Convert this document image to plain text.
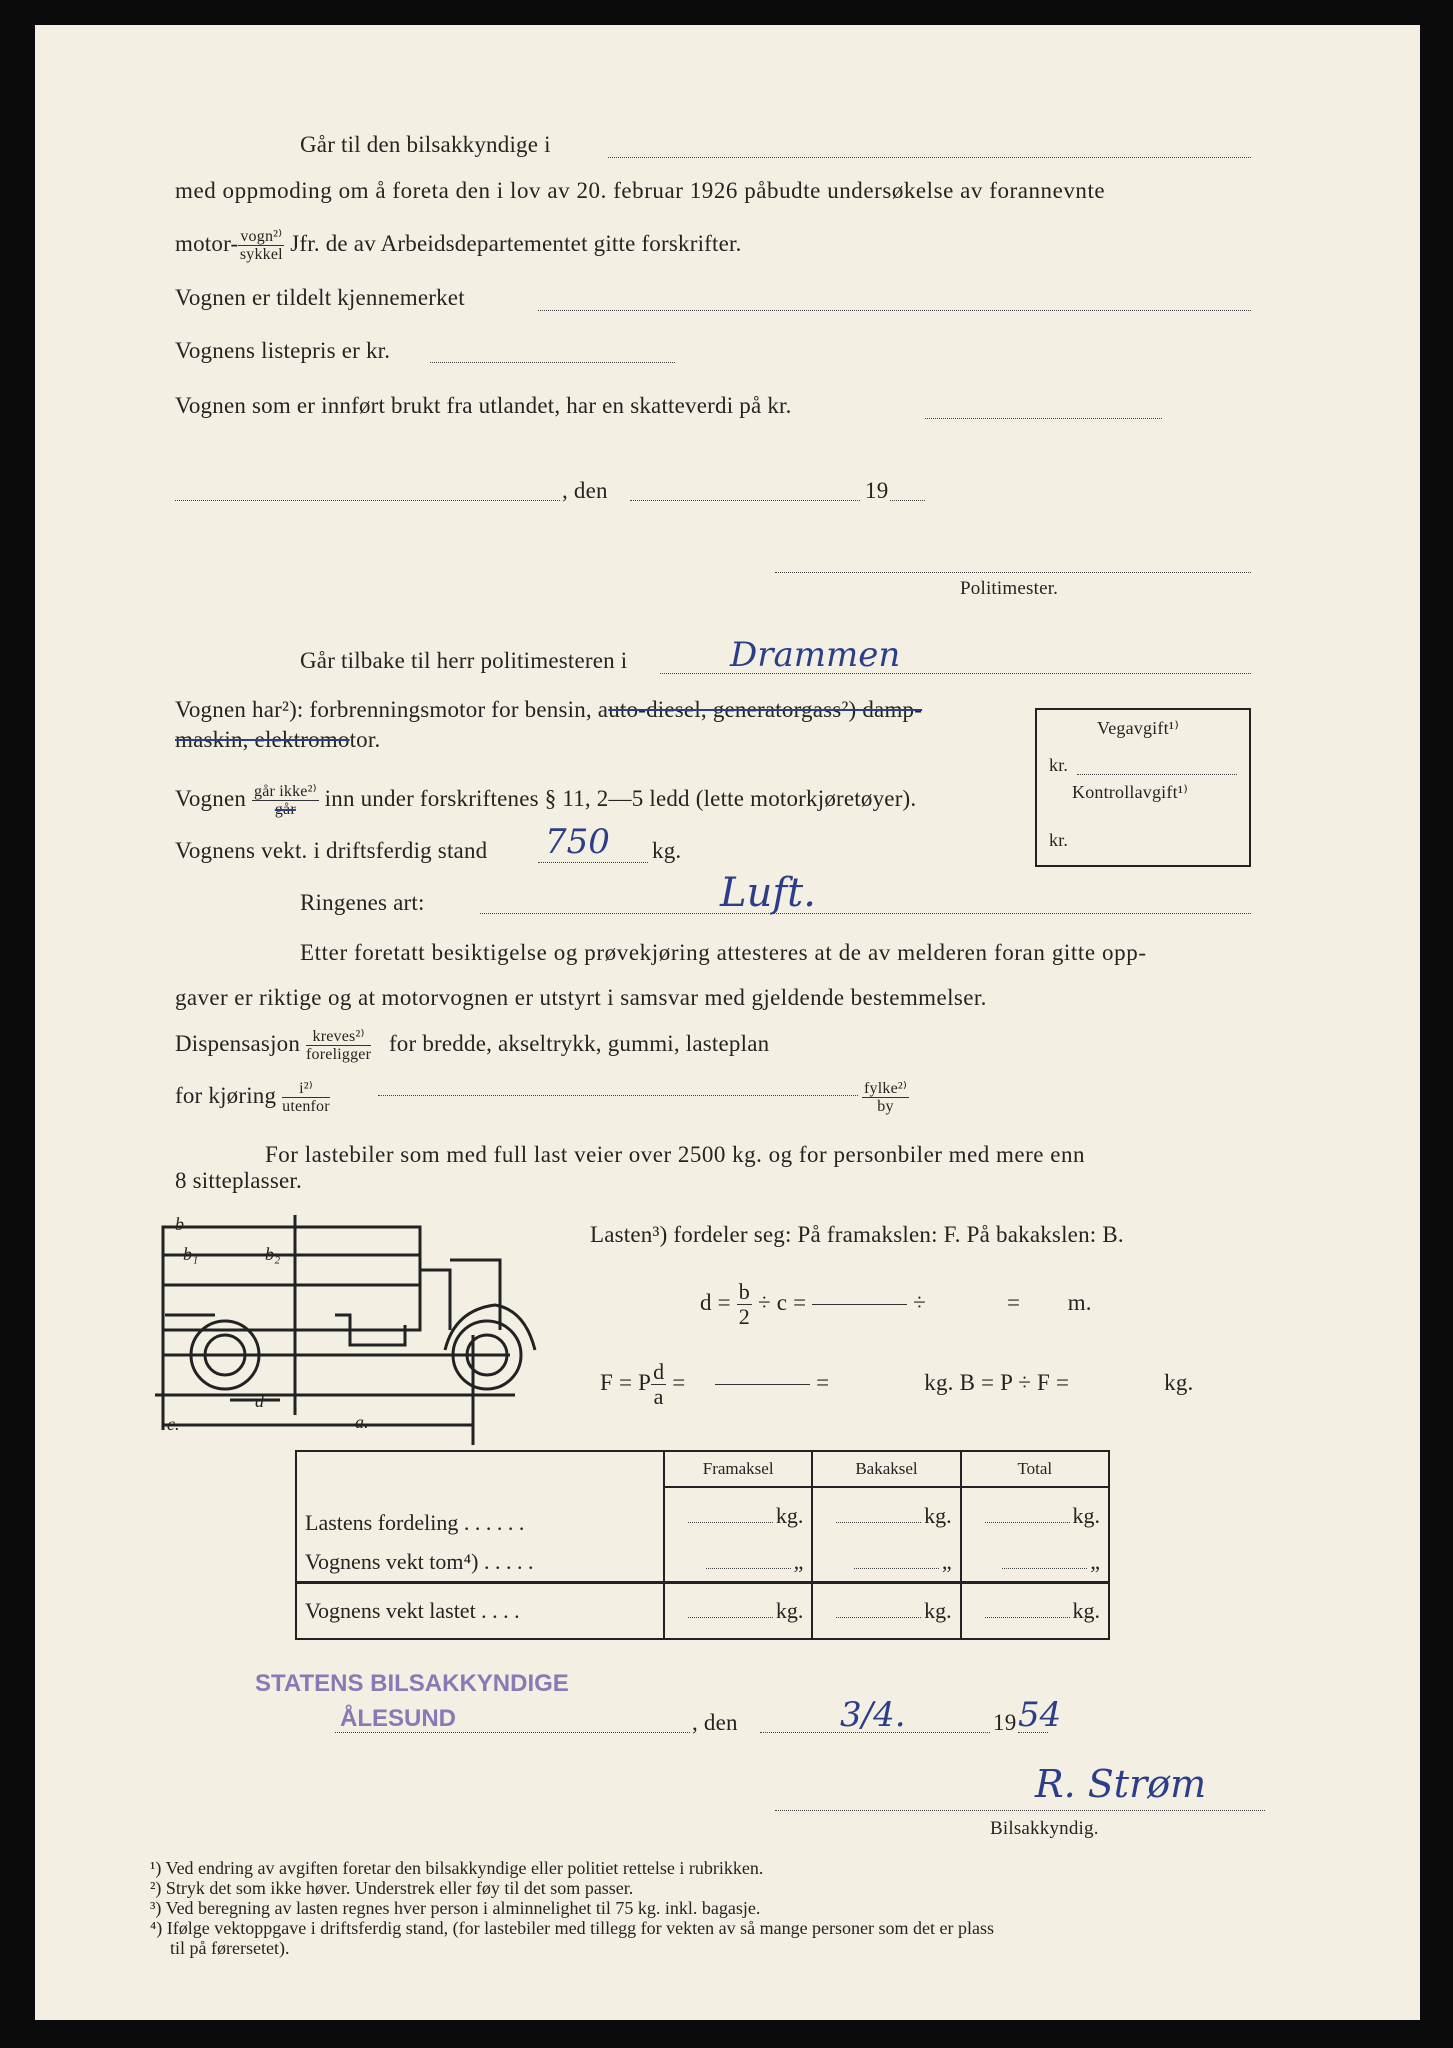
Går til den bilsakkyndige i
med oppmoding om å foreta den i lov av 20. februar 1926 påbudte undersøkelse av forannevnte
motor- $\frac{\text{vogn²⁾}}{\text{sykkel}}$ Jfr. de av Arbeidsdepartementet gitte forskrifter.
Vognen er tildelt kjennemerket
Vognens listepris er kr.
Vognen som er innført brukt fra utlandet, har en skatteverdi på kr.
, den	19
Politimester.
Går tilbake til herr politimesteren i	Drammen
Vognen har²): forbrenningsmotor for bensin, auto-diesel, generatorgass²) damp-
maskin, elektromotor.
Vognen $\frac{\text{går ikke²⁾}}{\text{går}}$ inn under forskriftenes § 11, 2—5 ledd (lette motorkjøretøyer).
Vognens vekt. i driftsferdig stand 750 kg.
Ringenes art:	Luft.
Vegavgift¹⁾
kr.
Kontrollavgift¹⁾
kr.
Etter foretatt besiktigelse og prøvekjøring attesteres at de av melderen foran gitte opp-
gaver er riktige og at motorvognen er utstyrt i samsvar med gjeldende bestemmelser.
Dispensasjon $\frac{\text{kreves²⁾}}{\text{foreligger}}$ for bredde, akseltrykk, gummi, lasteplan
for kjøring $\frac{\text{i²⁾}}{\text{utenfor}}$	$\frac{\text{fylke²⁾}}{by}$
For lastebiler som med full last veier over 2500 kg. og for personbiler med mere enn
8 sitteplasser.
b
b₁	b₂
d
c.	a.
Lasten³) fordeler seg: På framakslen: F. På bakakslen: B.
$d = \frac{b}{2} \div c$ =	÷	= m.
F = P $\frac{d}{a}$ =	=	kg. B = P ÷ F =	kg.
	Framaksel	Bakaksel	Total
Lastens fordeling . . . . . .	kg.	kg.	kg.
Vognens vekt tom⁴) . . . . .	„	„	„
Vognens vekt lastet . . . .	kg.	kg.	kg.
STATENS BILSAKKYNDIGE
ÅLESUND	, den	3/4.	19 54
R. Strøm
Bilsakkyndig.
¹) Ved endring av avgiften foretar den bilsakkyndige eller politiet rettelse i rubrikken.
²) Stryk det som ikke høver. Understrek eller føy til det som passer.
³) Ved beregning av lasten regnes hver person i alminnelighet til 75 kg. inkl. bagasje.
⁴) Ifølge vektoppgave i driftsferdig stand, (for lastebiler med tillegg for vekten av så mange personer som det er plass
til på førersetet).
